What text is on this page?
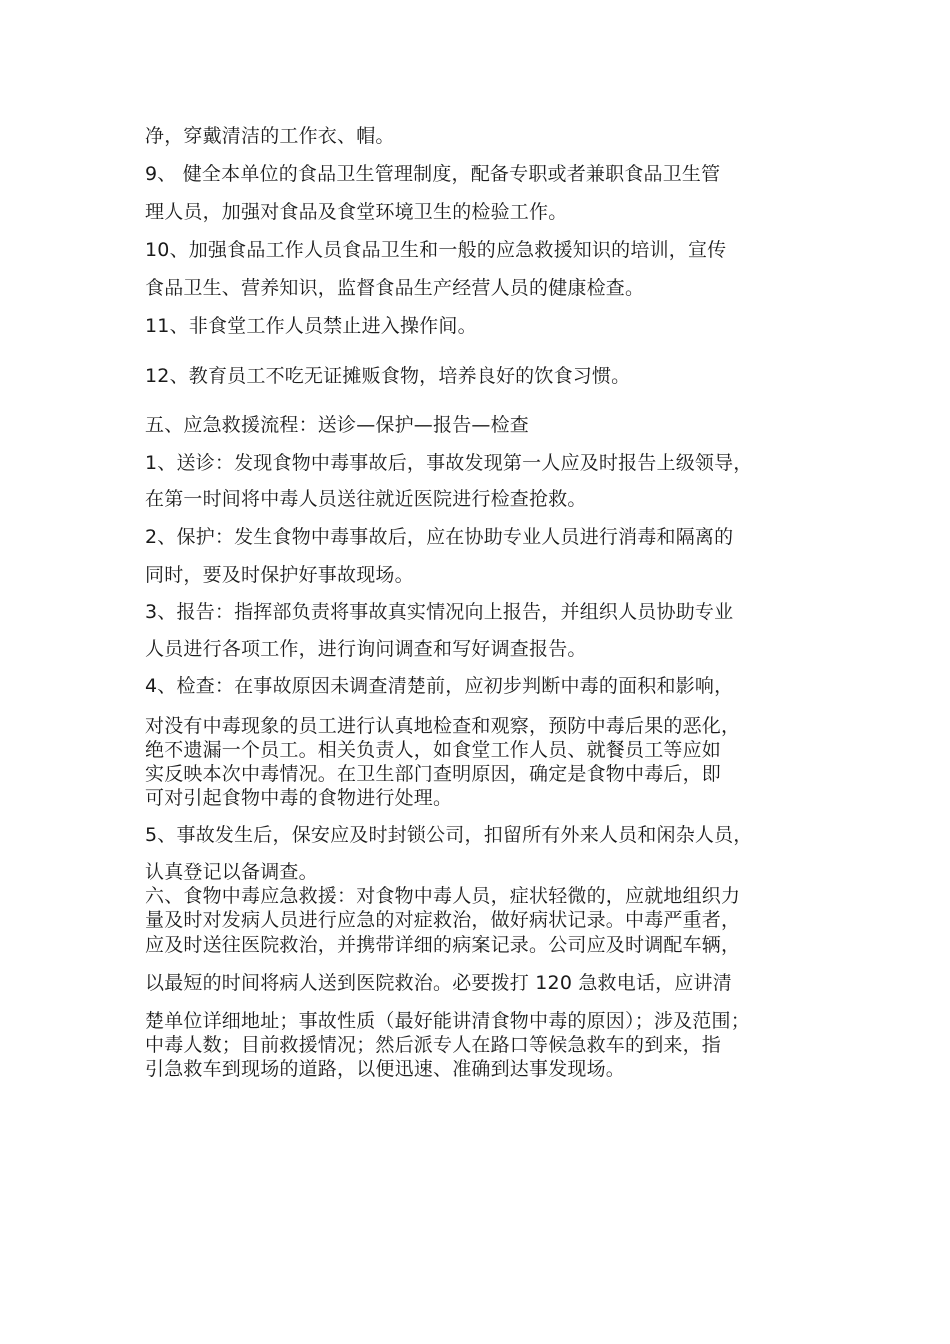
净，穿戴清洁的工作衣、帽。
9、 健全本单位的食品卫生管理制度，配备专职或者兼职食品卫生管
理人员，加强对食品及食堂环境卫生的检验工作。
10、加强食品工作人员食品卫生和一般的应急救援知识的培训，宣传
食品卫生、营养知识，监督食品生产经营人员的健康检查。
11、非食堂工作人员禁止进入操作间。
12、教育员工不吃无证摊贩食物，培养良好的饮食习惯。
五、应急救援流程：送诊—保护—报告—检查
1、送诊：发现食物中毒事故后，事故发现第一人应及时报告上级领导，
在第一时间将中毒人员送往就近医院进行检查抢救。
2、保护：发生食物中毒事故后，应在协助专业人员进行消毒和隔离的
同时，要及时保护好事故现场。
3、报告：指挥部负责将事故真实情况向上报告，并组织人员协助专业
人员进行各项工作，进行询问调查和写好调查报告。
4、检查：在事故原因未调查清楚前，应初步判断中毒的面积和影响，
对没有中毒现象的员工进行认真地检查和观察，预防中毒后果的恶化，
绝不遗漏一个员工。相关负责人，如食堂工作人员、就餐员工等应如
实反映本次中毒情况。在卫生部门查明原因，确定是食物中毒后，即
可对引起食物中毒的食物进行处理。
5、事故发生后，保安应及时封锁公司，扣留所有外来人员和闲杂人员，
认真登记以备调查。
六、食物中毒应急救援：对食物中毒人员，症状轻微的，应就地组织力
量及时对发病人员进行应急的对症救治，做好病状记录。中毒严重者，
应及时送往医院救治，并携带详细的病案记录。公司应及时调配车辆，
以最短的时间将病人送到医院救治。必要拨打 120 急救电话，应讲清
楚单位详细地址；事故性质（最好能讲清食物中毒的原因）；涉及范围；
中毒人数；目前救援情况；然后派专人在路口等候急救车的到来，指
引急救车到现场的道路，以便迅速、准确到达事发现场。
